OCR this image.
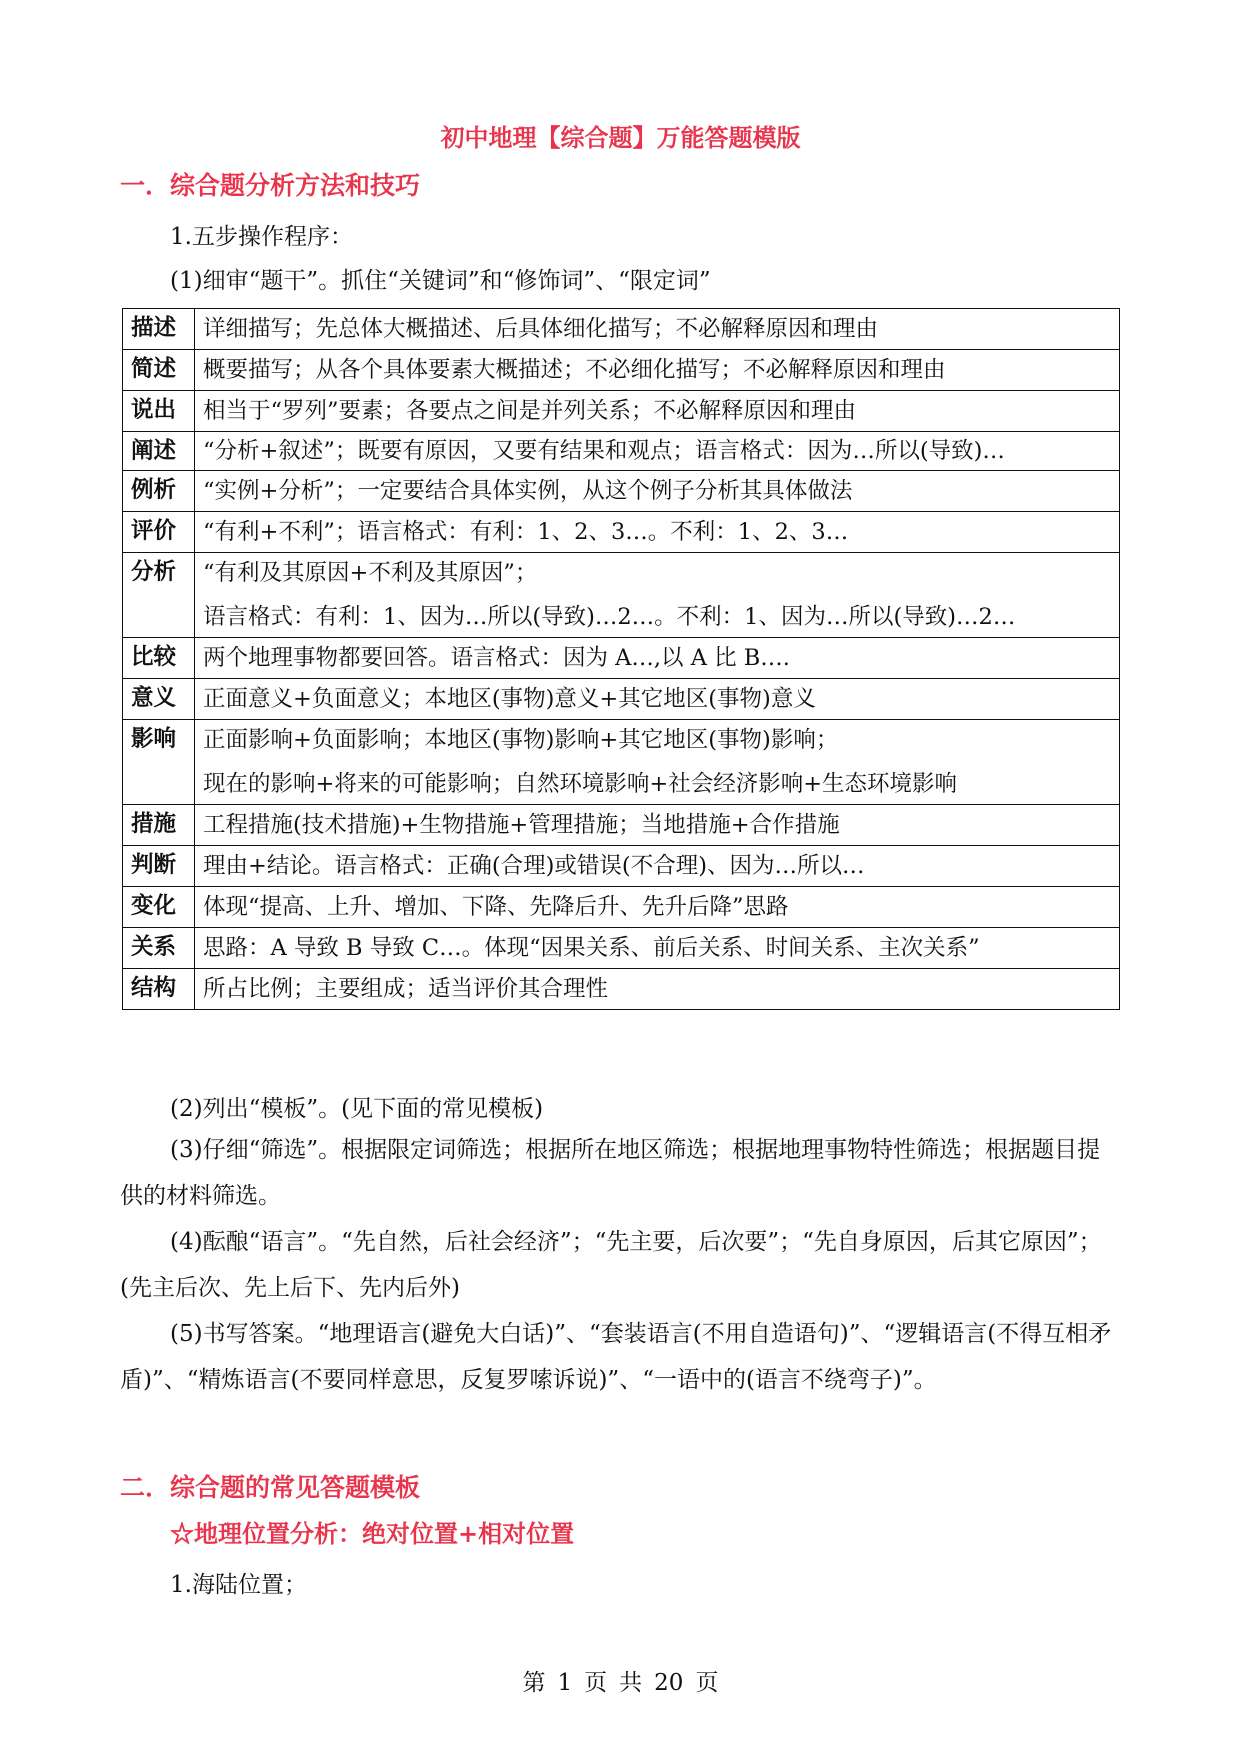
初中地理【综合题】万能答题模版
一．综合题分析方法和技巧
1.五步操作程序：
(1)细审“题干”。抓住“关键词”和“修饰词”、“限定词”
描述	详细描写；先总体大概描述、后具体细化描写；不必解释原因和理由

简述	概要描写；从各个具体要素大概描述；不必细化描写；不必解释原因和理由

说出	相当于“罗列”要素；各要点之间是并列关系；不必解释原因和理由

阐述	“分析+叙述”；既要有原因，又要有结果和观点；语言格式：因为…所以(导致)…

例析	“实例+分析”；一定要结合具体实例，从这个例子分析其具体做法

评价	“有利+不利”；语言格式：有利：1、2、3…。不利：1、2、3…

分析	“有利及其原因+不利及其原因”；
语言格式：有利：1、因为…所以(导致)…2…。不利：1、因为…所以(导致)…2…

比较	两个地理事物都要回答。语言格式：因为 A…,以 A 比 B….

意义	正面意义+负面意义；本地区(事物)意义+其它地区(事物)意义

影响	正面影响+负面影响；本地区(事物)影响+其它地区(事物)影响；
现在的影响+将来的可能影响；自然环境影响+社会经济影响+生态环境影响

措施	工程措施(技术措施)+生物措施+管理措施；当地措施+合作措施

判断	理由+结论。语言格式：正确(合理)或错误(不合理)、因为…所以…

变化	体现“提高、上升、增加、下降、先降后升、先升后降”思路

关系	思路：A 导致 B 导致 C…。体现“因果关系、前后关系、时间关系、主次关系”

结构	所占比例；主要组成；适当评价其合理性
(2)列出“模板”。(见下面的常见模板)
(3)仔细“筛选”。根据限定词筛选；根据所在地区筛选；根据地理事物特性筛选；根据题目提供的材料筛选。
(4)酝酿“语言”。“先自然，后社会经济”；“先主要，后次要”；“先自身原因，后其它原因”；(先主后次、先上后下、先内后外)
(5)书写答案。“地理语言(避免大白话)”、“套装语言(不用自造语句)”、“逻辑语言(不得互相矛盾)”、“精炼语言(不要同样意思，反复罗嗦诉说)”、“一语中的(语言不绕弯子)”。
二．综合题的常见答题模板
☆地理位置分析：绝对位置+相对位置
1.海陆位置；
第 1 页 共 20 页
